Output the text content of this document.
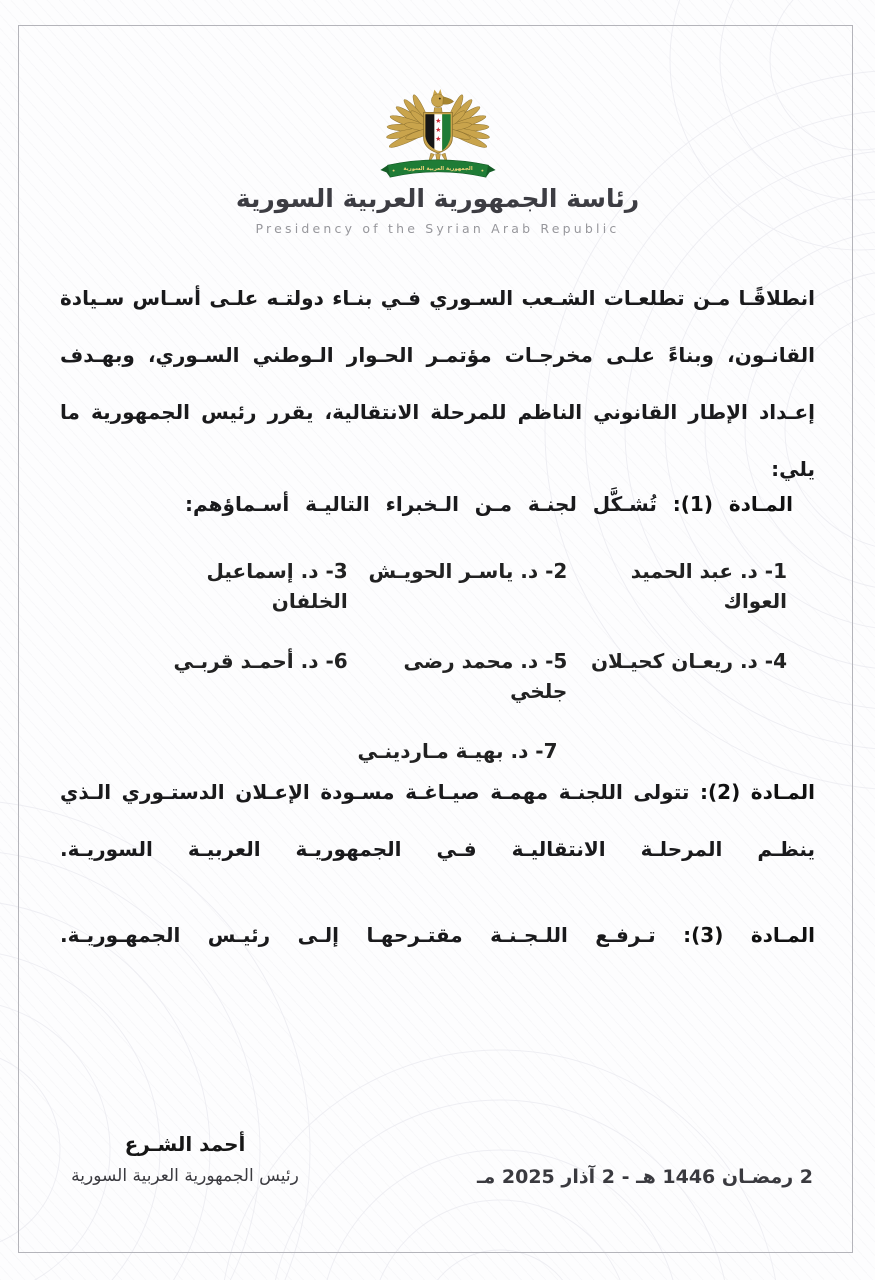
الجمهورية العربية السورية
رئاسة الجمهورية العربية السورية
Presidency of the Syrian Arab Republic

انطلاقًـا مـن تطلعـات الشـعب السـوري فـي بنـاء دولتـه علـى أسـاس سـيادة القانـون، وبناءً علـى مخرجـات مؤتمـر الحـوار الـوطني السـوري، وبهـدف إعـداد الإطار القانوني الناظم للمرحلة الانتقالية، يقرر رئيس الجمهورية ما يلي:

المـادة (1): تُشـكَّل لجنـة مـن الـخبراء التاليـة أسـماؤهم:

1- د. عبد الحميد العواك
2- د. ياسـر الحويـش
3- د. إسماعيل الخلفان
4- د. ريعـان كحيـلان
5- د. محمد رضى جلخي
6- د. أحمـد قربـي
7- د. بهيـة مـاردينـي

المـادة (2): تتولى اللجنـة مهمـة صيـاغـة مسـودة الإعـلان الدستـوري الـذي ينظـم المرحلـة الانتقاليـة فـي الجمهوريـة العربيـة السوريـة.

المـادة (3): تـرفـع اللـجـنـة مقتـرحهـا إلـى رئيـس الجمهـوريـة.

أحمد الشـرع
رئيس الجمهورية العربية السورية	2 رمضـان 1446 هـ - 2 آذار 2025 مـ
